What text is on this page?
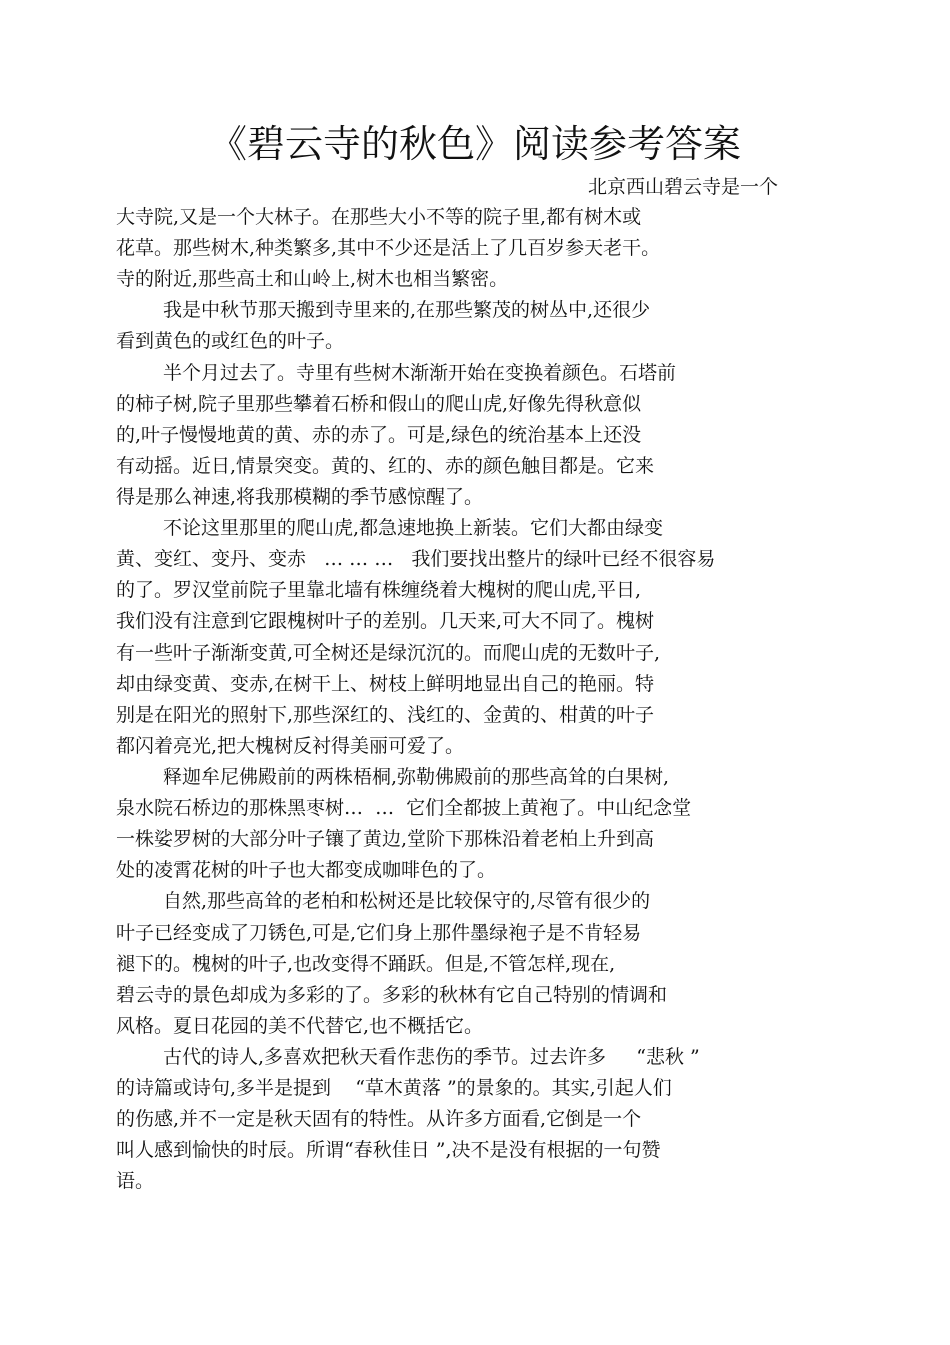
《碧云寺的秋色》阅读参考答案
北京西山碧云寺是一个
大寺院,又是一个大林子。在那些大小不等的院子里,都有树木或
花草。那些树木,种类繁多,其中不少还是活上了几百岁参天老干。
寺的附近,那些高土和山岭上,树木也相当繁密。
我是中秋节那天搬到寺里来的,在那些繁茂的树丛中,还很少
看到黄色的或红色的叶子。
半个月过去了。寺里有些树木渐渐开始在变换着颜色。石塔前
的柿子树,院子里那些攀着石桥和假山的爬山虎,好像先得秋意似
的,叶子慢慢地黄的黄、赤的赤了。可是,绿色的统治基本上还没
有动摇。近日,情景突变。黄的、红的、赤的颜色触目都是。它来
得是那么神速,将我那模糊的季节感惊醒了。
不论这里那里的爬山虎,都急速地换上新装。它们大都由绿变
黄、变红、变丹、变赤   … … …   我们要找出整片的绿叶已经不很容易
的了。罗汉堂前院子里靠北墙有株缠绕着大槐树的爬山虎,平日,
我们没有注意到它跟槐树叶子的差别。几天来,可大不同了。槐树
有一些叶子渐渐变黄,可全树还是绿沉沉的。而爬山虎的无数叶子,
却由绿变黄、变赤,在树干上、树枝上鲜明地显出自己的艳丽。特
别是在阳光的照射下,那些深红的、浅红的、金黄的、柑黄的叶子
都闪着亮光,把大槐树反衬得美丽可爱了。
释迦牟尼佛殿前的两株梧桐,弥勒佛殿前的那些高耸的白果树,
泉水院石桥边的那株黑枣树…  …  它们全都披上黄袍了。中山纪念堂
一株娑罗树的大部分叶子镶了黄边,堂阶下那株沿着老柏上升到高
处的凌霄花树的叶子也大都变成咖啡色的了。
自然,那些高耸的老柏和松树还是比较保守的,尽管有很少的
叶子已经变成了刀锈色,可是,它们身上那件墨绿袍子是不肯轻易
褪下的。槐树的叶子,也改变得不踊跃。但是,不管怎样,现在,
碧云寺的景色却成为多彩的了。多彩的秋林有它自己特别的情调和
风格。夏日花园的美不代替它,也不概括它。
古代的诗人,多喜欢把秋天看作悲伤的季节。过去许多     “悲秋 ”
的诗篇或诗句,多半是提到    “草木黄落 ”的景象的。其实,引起人们
的伤感,并不一定是秋天固有的特性。从许多方面看,它倒是一个
叫人感到愉快的时辰。所谓“春秋佳日 ”,决不是没有根据的一句赞
语。
